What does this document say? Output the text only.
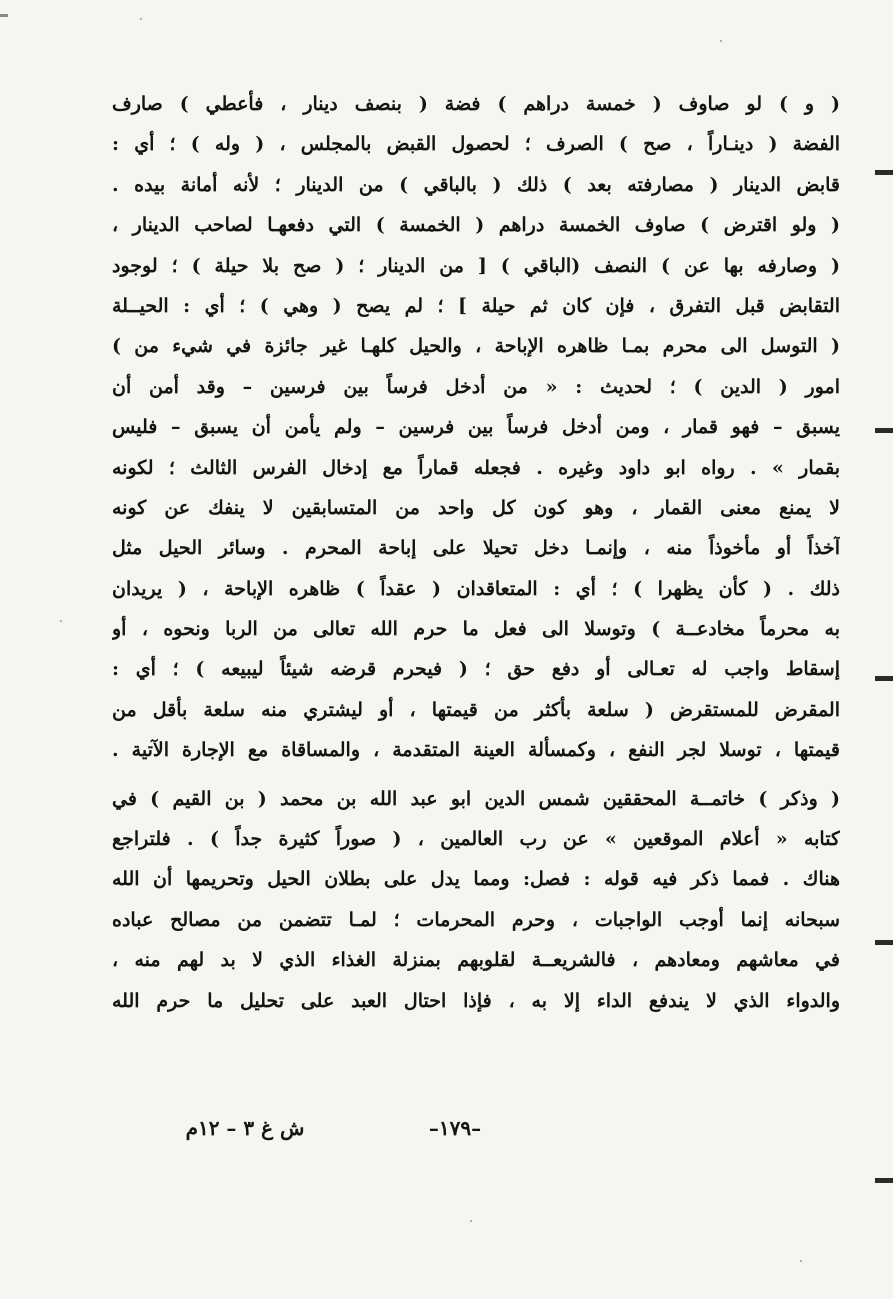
( و ) لو صاوف ( خمسة دراهم ) فضة ( بنصف دينار ، فأعطي ) صارف
الفضة ( دينـاراً ، صح ) الصرف ؛ لحصول القبض بالمجلس ، ( وله ) ؛ أي :
قابض الدينار ( مصارفته بعد ) ذلك ( بالباقي ) من الدينار ؛ لأنه أمانة بيده .
( ولو اقترض ) صاوف الخمسة دراهم ( الخمسة ) التي دفعهـا لصاحب الدينار ،
( وصارفه بها عن ) النصف (الباقي ) [ من الدينار ؛ ( صح بلا حيلة ) ؛ لوجود
التقابض قبل التفرق ، فإن كان ثم حيلة ] ؛ لم يصح ( وهي ) ؛ أي : الحيــلة
( التوسل الى محرم بمـا ظاهره الإباحة ، والحيل كلهـا غير جائزة في شيء من )
امور ( الدين ) ؛ لحديث : « من أدخل فرساً بين فرسين – وقد أمن أن
يسبق – فهو قمار ، ومن أدخل فرساً بين فرسين – ولم يأمن أن يسبق – فليس
بقمار » . رواه ابو داود وغيره . فجعله قماراً مع إدخال الفرس الثالث ؛ لكونه
لا يمنع معنى القمار ، وهو كون كل واحد من المتسابقين لا ينفك عن كونه
آخذاً أو مأخوذاً منه ، وإنمـا دخل تحيلا على إباحة المحرم . وسائر الحيل مثل
ذلك . ( كأن يظهرا ) ؛ أي : المتعاقدان ( عقداً ) ظاهره الإباحة ، ( يريدان
به محرماً مخادعــة ) وتوسلا الى فعل ما حرم الله تعالى من الربا ونحوه ، أو
إسقاط واجب له تعـالى أو دفع حق ؛ ( فيحرم قرضه شيئاً ليبيعه ) ؛ أي :
المقرض للمستقرض ( سلعة بأكثر من قيمتها ، أو ليشتري منه سلعة بأقل من
قيمتها ، توسلا لجر النفع ، وكمسألة العينة المتقدمة ، والمساقاة مع الإجارة الآتية .
( وذكر ) خاتمــة المحققين شمس الدين ابو عبد الله بن محمد ( بن القيم ) في
كتابه « أعلام الموقعين » عن رب العالمين ، ( صوراً كثيرة جداً ) . فلتراجع
هناك . فمما ذكر فيه قوله : فصل: ومما يدل على بطلان الحيل وتحريمها أن الله
سبحانه إنما أوجب الواجبات ، وحرم المحرمات ؛ لمـا تتضمن من مصالح عباده
في معاشهم ومعادهم ، فالشريعــة لقلوبهم بمنزلة الغذاء الذي لا بد لهم منه ،
والدواء الذي لا يندفع الداء إلا به ، فإذا احتال العبد على تحليل ما حرم الله
–١٧٩–
ش غ ٣ – ١٢م
